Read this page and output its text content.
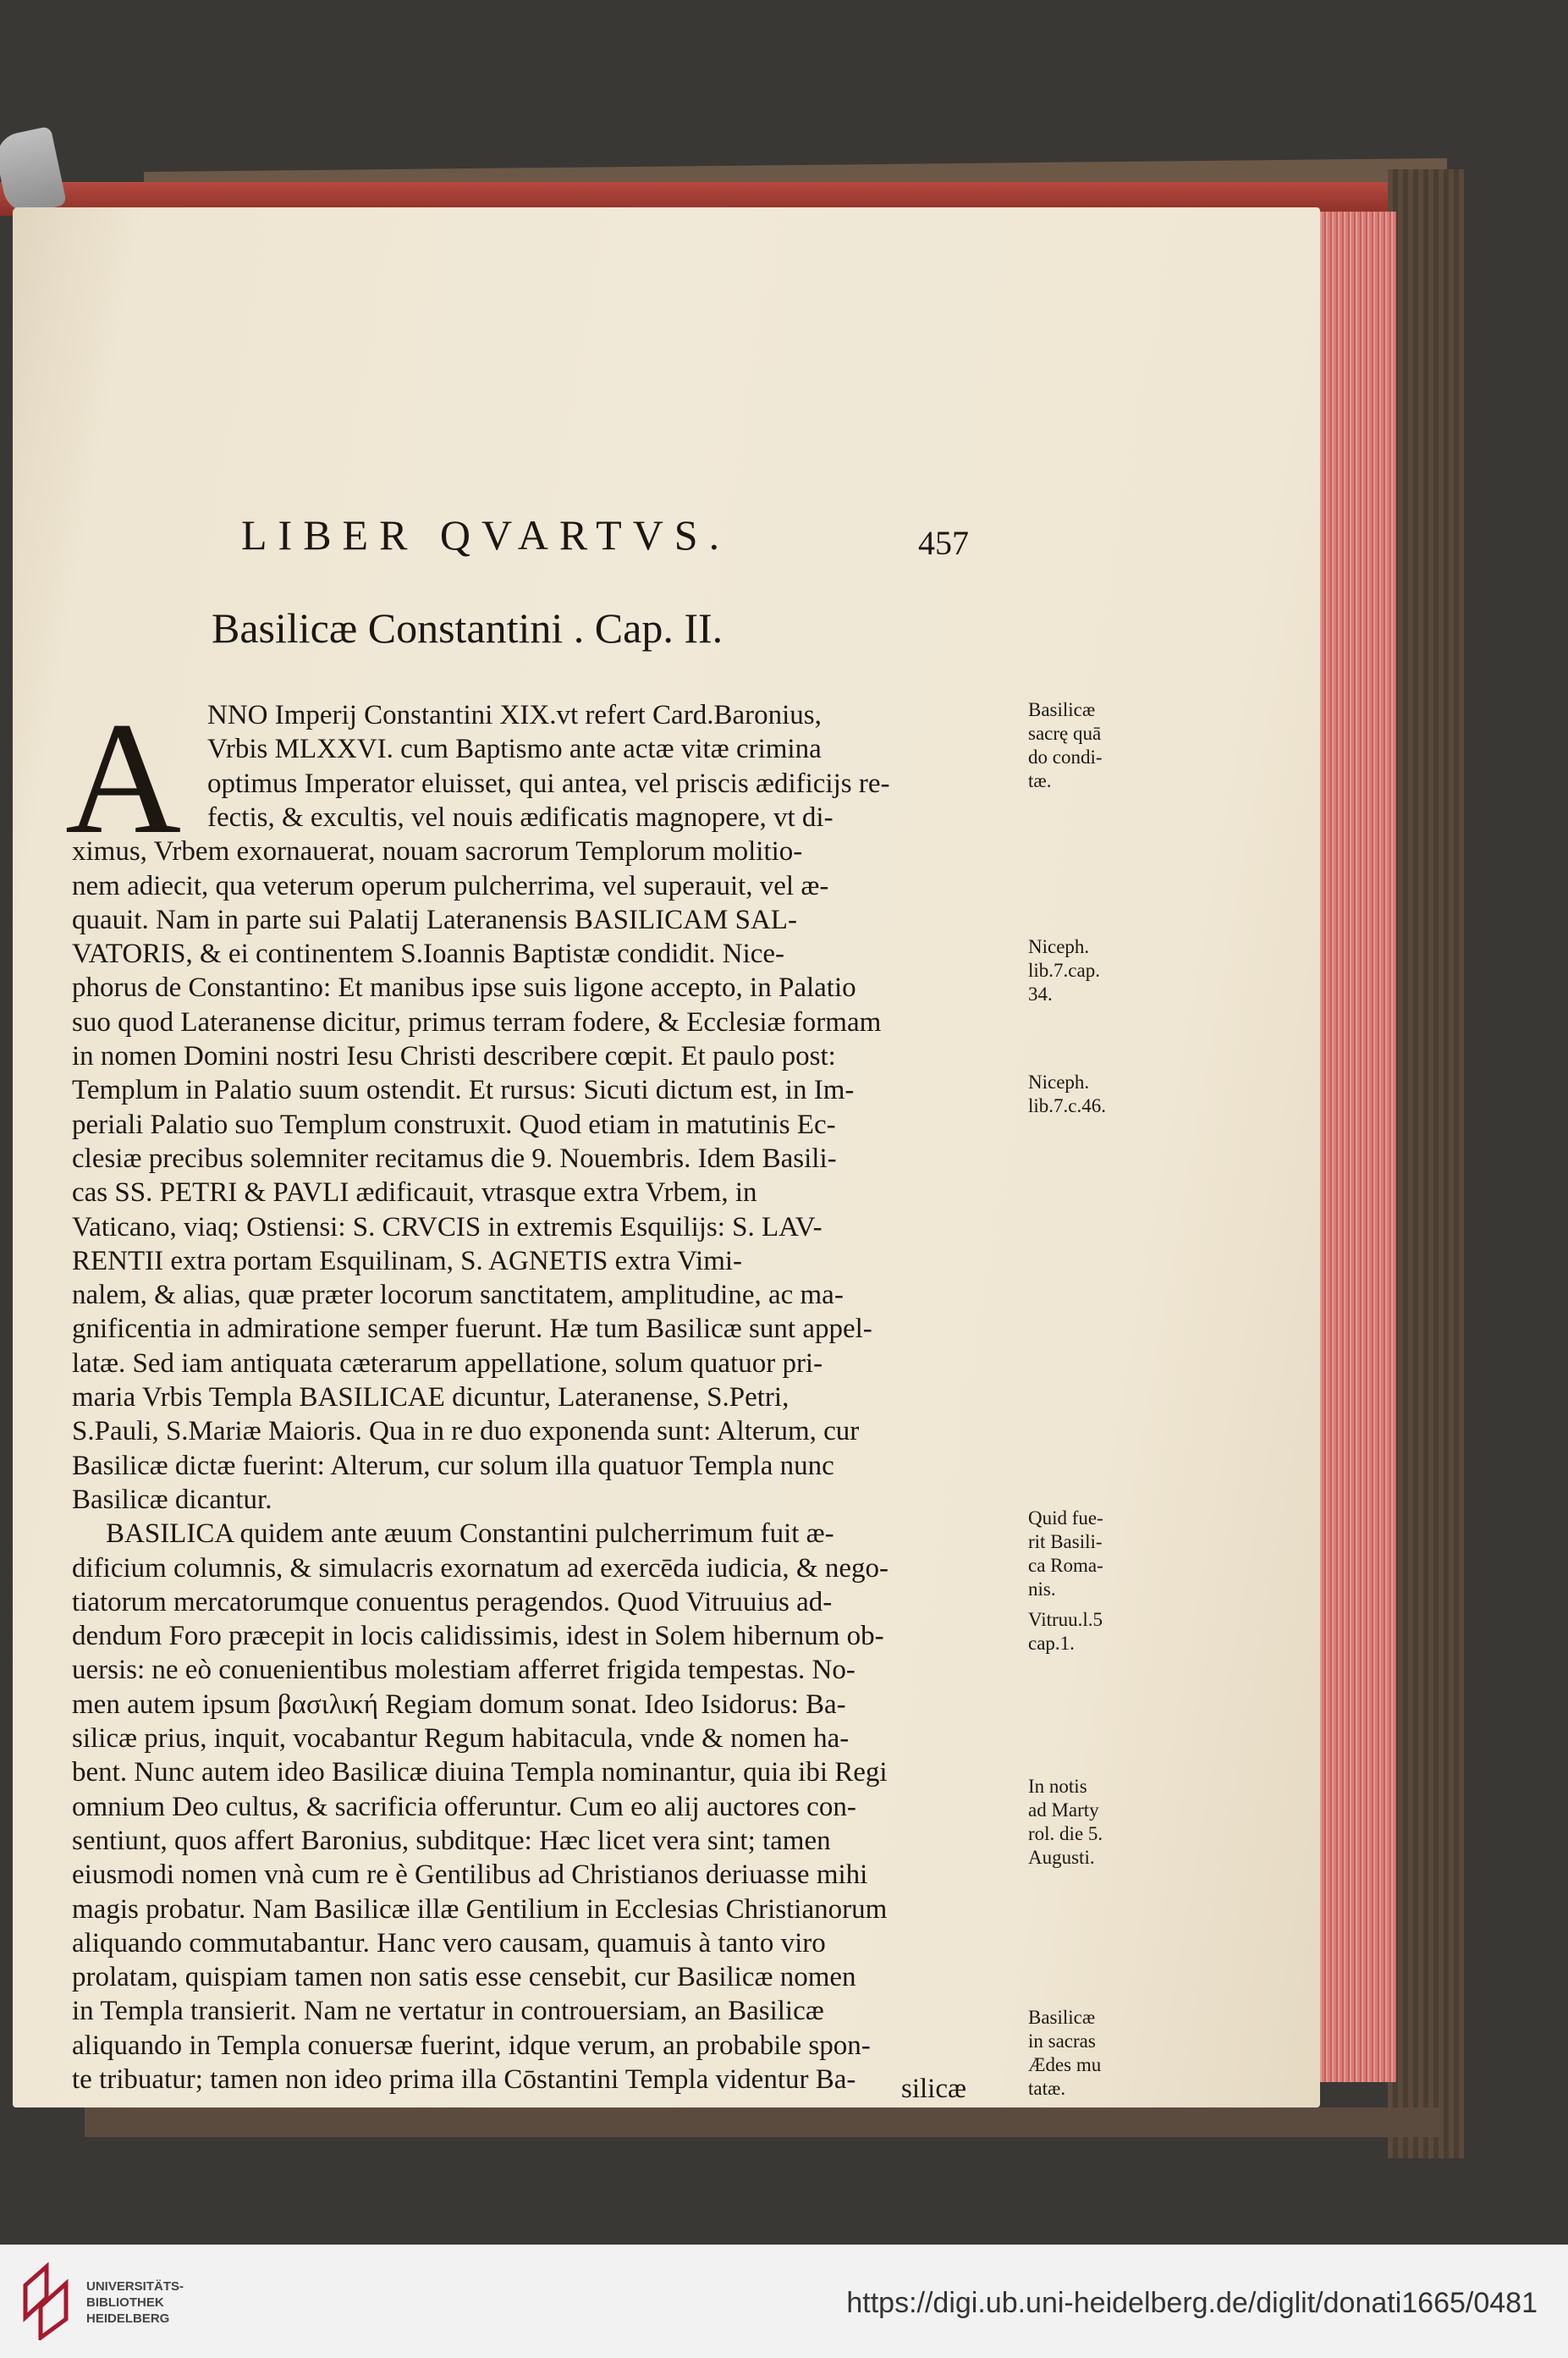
LIBER QVARTVS.	457
Basilicæ Constantini . Cap. II.
A NNO Imperij Constantini XIX.vt refert Card.Baronius,
Vrbis MLXXVI. cum Baptismo ante actæ vitæ crimina
optimus Imperator eluisset, qui antea, vel priscis ædificijs re-
fectis, & excultis, vel nouis ædificatis magnopere, vt di-
ximus, Vrbem exornauerat, nouam sacrorum Templorum molitio-
nem adiecit, qua veterum operum pulcherrima, vel superauit, vel æ-
quauit. Nam in parte sui Palatij Lateranensis BASILICAM SAL-
VATORIS, & ei continentem S.Ioannis Baptistæ condidit. Nice-
phorus de Constantino: Et manibus ipse suis ligone accepto, in Palatio
suo quod Lateranense dicitur, primus terram fodere, & Ecclesiæ formam
in nomen Domini nostri Iesu Christi describere cœpit. Et paulo post:
Templum in Palatio suum ostendit. Et rursus: Sicuti dictum est, in Im-
periali Palatio suo Templum construxit. Quod etiam in matutinis Ec-
clesiæ precibus solemniter recitamus die 9. Nouembris. Idem Basili-
cas SS. PETRI & PAVLI ædificauit, vtrasque extra Vrbem, in
Vaticano, viaq; Ostiensi: S. CRVCIS in extremis Esquilijs: S. LAV-
RENTII extra portam Esquilinam, S. AGNETIS extra Vimi-
nalem, & alias, quæ præter locorum sanctitatem, amplitudine, ac ma-
gnificentia in admiratione semper fuerunt. Hæ tum Basilicæ sunt appel-
latæ. Sed iam antiquata cæterarum appellatione, solum quatuor pri-
maria Vrbis Templa BASILICAE dicuntur, Lateranense, S.Petri,
S.Pauli, S.Mariæ Maioris. Qua in re duo exponenda sunt: Alterum, cur
Basilicæ dictæ fuerint: Alterum, cur solum illa quatuor Templa nunc
Basilicæ dicantur.
BASILICA quidem ante æuum Constantini pulcherrimum fuit æ-
dificium columnis, & simulacris exornatum ad exercēda iudicia, & nego-
tiatorum mercatorumque conuentus peragendos. Quod Vitruuius ad-
dendum Foro præcepit in locis calidissimis, idest in Solem hibernum ob-
uersis: ne eò conuenientibus molestiam afferret frigida tempestas. No-
men autem ipsum βασιλική Regiam domum sonat. Ideo Isidorus: Ba-
silicæ prius, inquit, vocabantur Regum habitacula, vnde & nomen ha-
bent. Nunc autem ideo Basilicæ diuina Templa nominantur, quia ibi Regi
omnium Deo cultus, & sacrificia offeruntur. Cum eo alij auctores con-
sentiunt, quos affert Baronius, subditque: Hæc licet vera sint; tamen
eiusmodi nomen vnà cum re è Gentilibus ad Christianos deriuasse mihi
magis probatur. Nam Basilicæ illæ Gentilium in Ecclesias Christianorum
aliquando commutabantur. Hanc vero causam, quamuis à tanto viro
prolatam, quispiam tamen non satis esse censebit, cur Basilicæ nomen
in Templa transierit. Nam ne vertatur in controuersiam, an Basilicæ
aliquando in Templa conuersæ fuerint, idque verum, an probabile spon-
te tribuatur; tamen non ideo prima illa Cōstantini Templa videntur Ba-
Basilicæ
sacrę quā
do condi-
tæ.
Niceph.
lib.7.cap.
34.
Niceph.
lib.7.c.46.
Quid fue-
rit Basili-
ca Roma-
nis.
Vitruu.l.5
cap.1.
In notis
ad Marty
rol. die 5.
Augusti.
Basilicæ
in sacras
Ædes mu
tatæ.
silicæ
UNIVERSITÄTS-
BIBLIOTHEK
HEIDELBERG	https://digi.ub.uni-heidelberg.de/diglit/donati1665/0481
